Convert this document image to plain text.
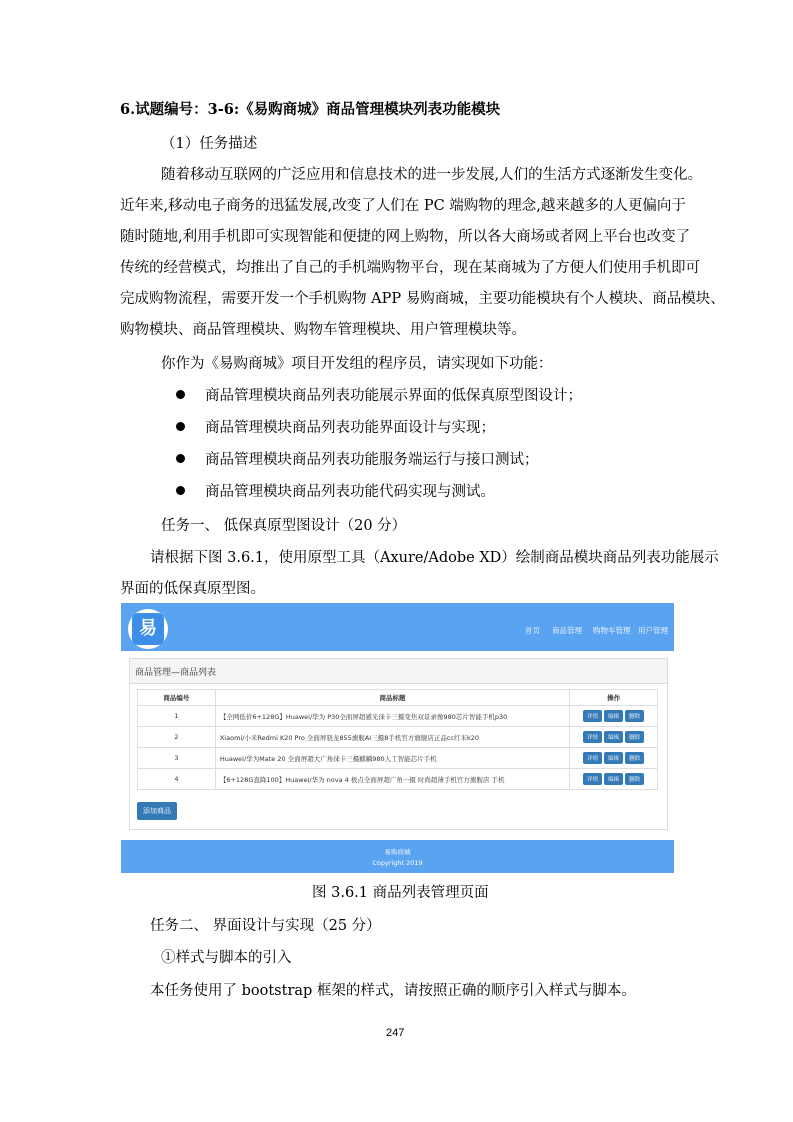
6.试题编号：3-6:《易购商城》商品管理模块列表功能模块
（1）任务描述
随着移动互联网的广泛应用和信息技术的进一步发展,人们的生活方式逐渐发生变化。
近年来,移动电子商务的迅猛发展,改变了人们在 PC 端购物的理念,越来越多的人更偏向于
随时随地,利用手机即可实现智能和便捷的网上购物，所以各大商场或者网上平台也改变了
传统的经营模式，均推出了自己的手机端购物平台，现在某商城为了方便人们使用手机即可
完成购物流程，需要开发一个手机购物 APP 易购商城，主要功能模块有个人模块、商品模块、
购物模块、商品管理模块、购物车管理模块、用户管理模块等。
你作为《易购商城》项目开发组的程序员，请实现如下功能：
商品管理模块商品列表功能展示界面的低保真原型图设计；
商品管理模块商品列表功能界面设计与实现；
商品管理模块商品列表功能服务端运行与接口测试；
商品管理模块商品列表功能代码实现与测试。
任务一、 低保真原型图设计（20 分）
请根据下图 3.6.1，使用原型工具（Axure/Adobe XD）绘制商品模块商品列表功能展示
界面的低保真原型图。
易	首页 商品管理 购物车管理 用户管理
商品管理—商品列表
商品编号	商品标题	操作
1	【全网低价6+128G】Huawei/华为 P30全面屏超感光徕卡三摄变焦双景录像980芯片智能手机p30	详情 编辑 删除
2	Xiaomi/小米Redmi K20 Pro 全面屏骁龙855旗舰AI三摄8手机官方旗舰店正品cc红米k20	详情 编辑 删除
3	Huawei/华为Mate 20 全面屏超大广角徕卡三摄麒麟980人工智能芯片手机	详情 编辑 删除
4	【6+128G直降100】Huawei/华为 nova 4 极点全面屏超广角一摄 时尚超薄手机官方旗舰店 手机	详情 编辑 删除
添加商品
易购商城
Copyright 2019
图 3.6.1 商品列表管理页面
任务二、 界面设计与实现（25 分）
①样式与脚本的引入
本任务使用了 bootstrap 框架的样式，请按照正确的顺序引入样式与脚本。
247
